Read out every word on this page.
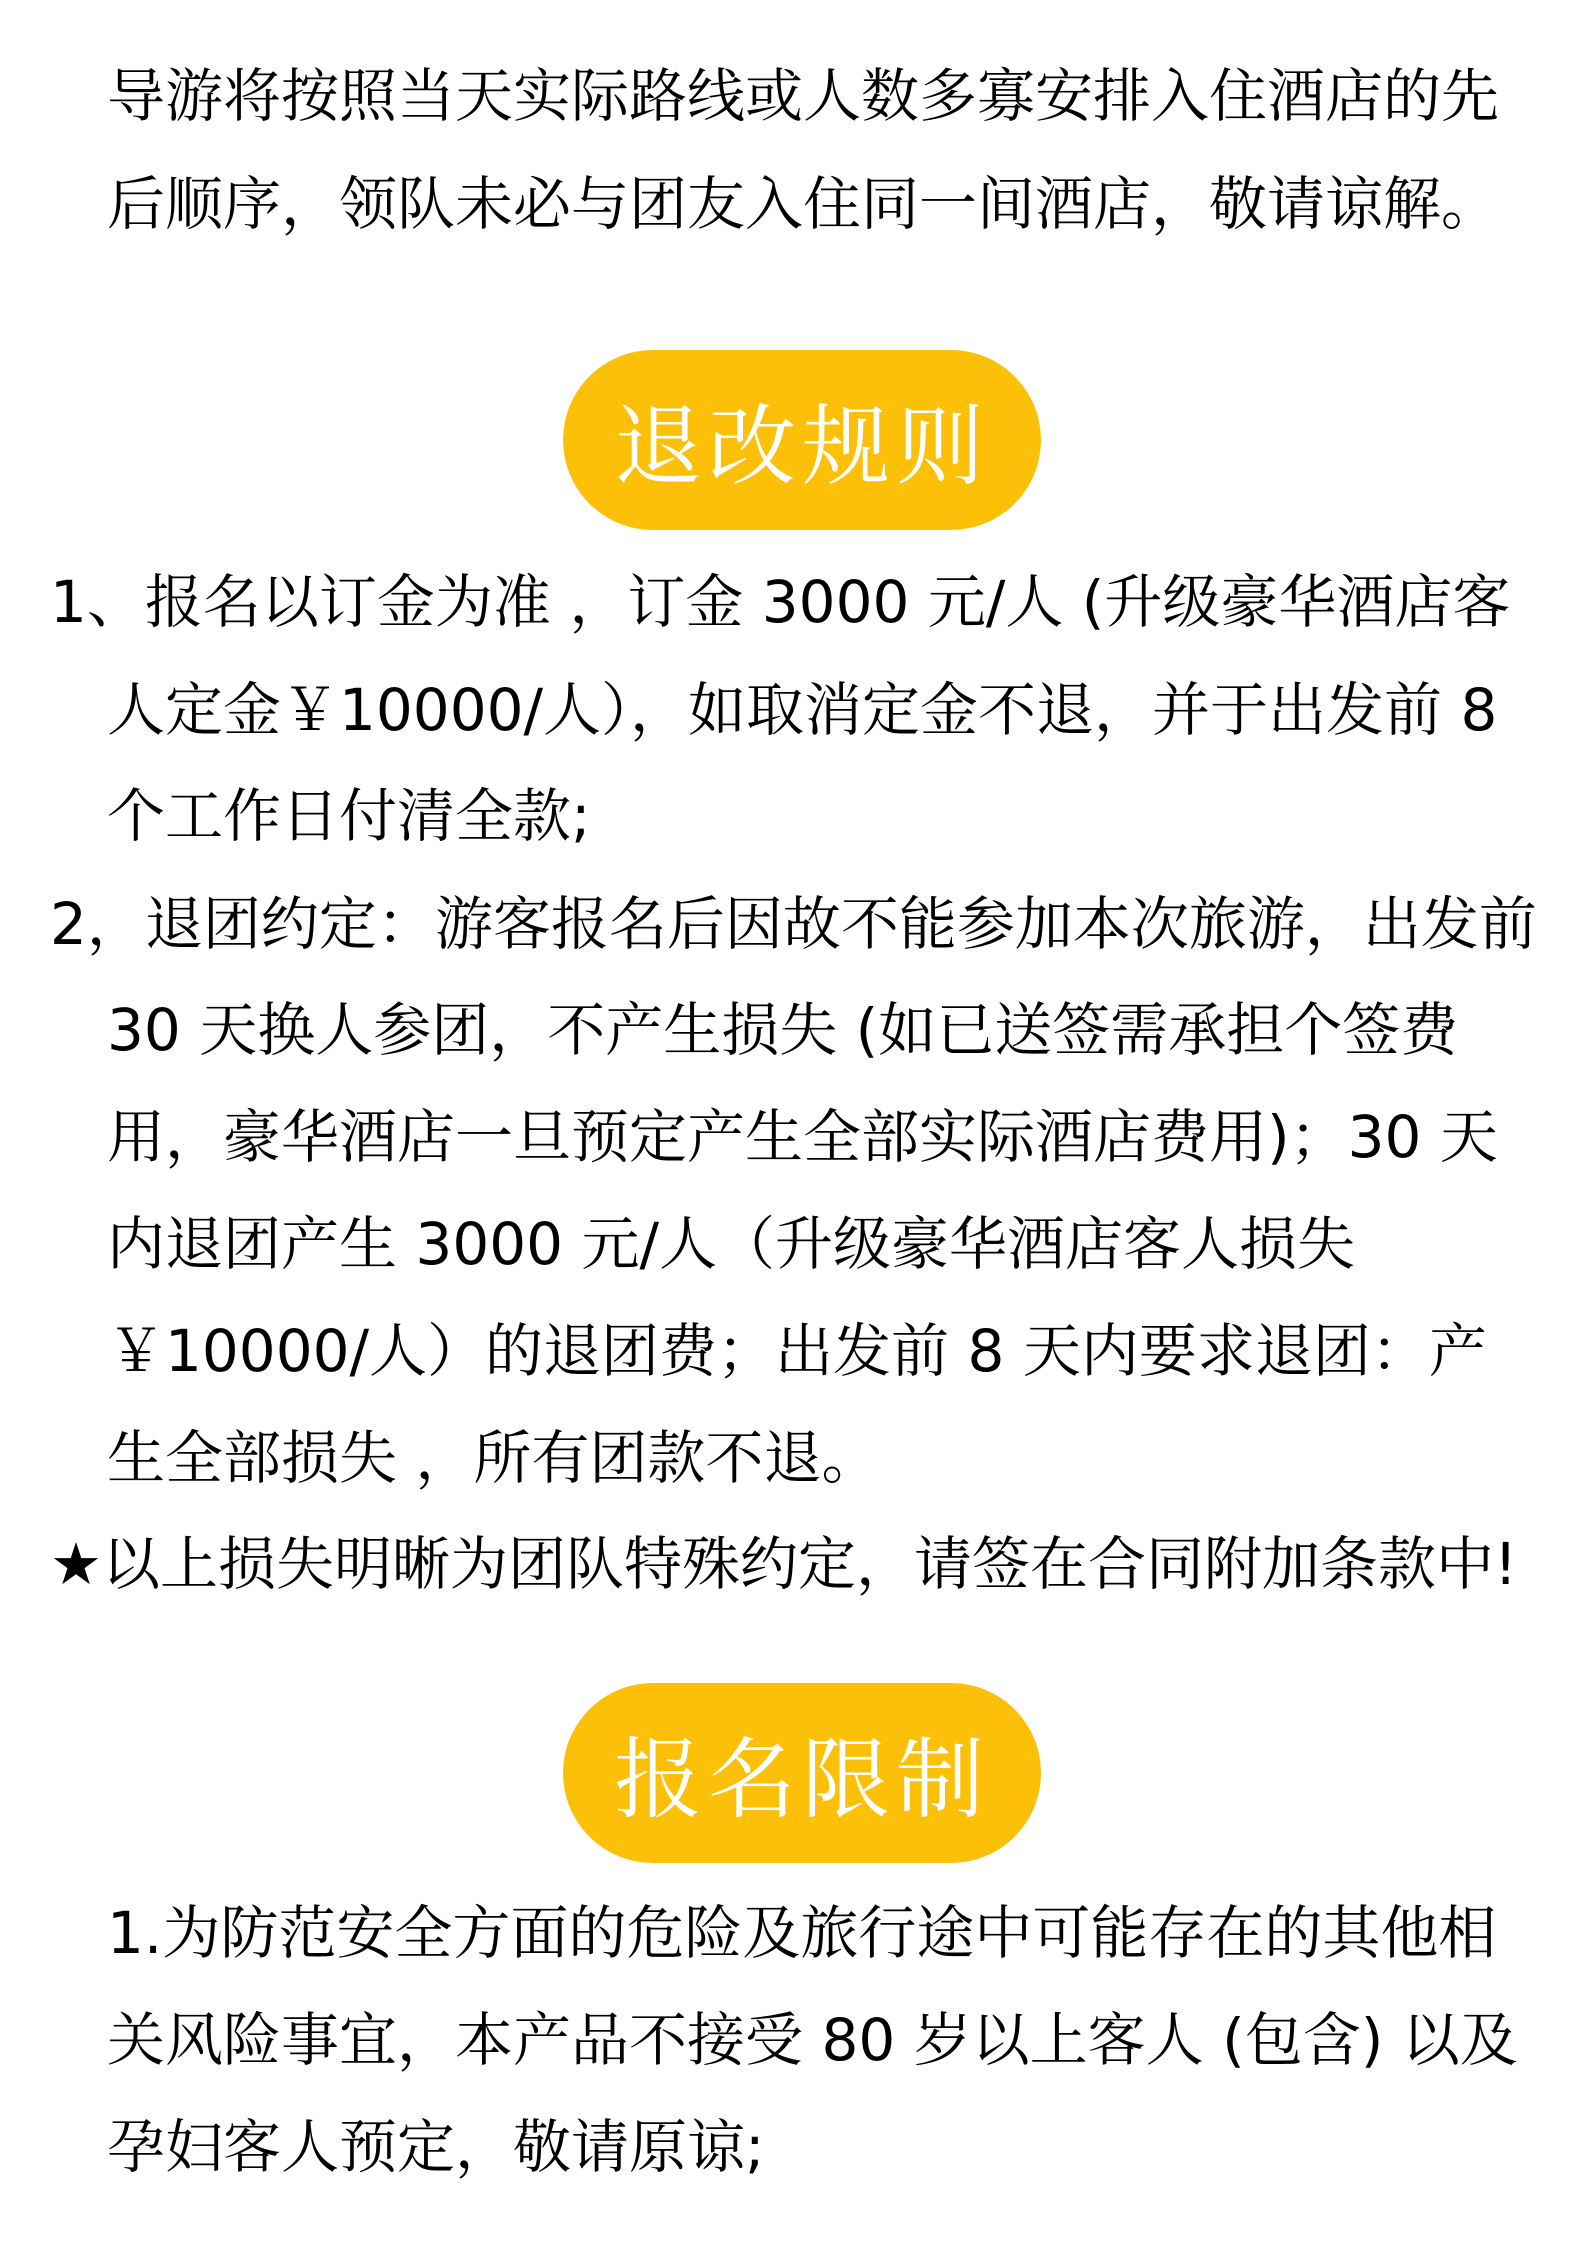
导游将按照当天实际路线或人数多寡安排入住酒店的先
后顺序，领队未必与团友入住同一间酒店，敬请谅解。
退改规则
1、报名以订金为准 ，订金 3000 元/人 (升级豪华酒店客
人定金￥10000/人），如取消定金不退，并于出发前 8
个工作日付清全款;
2，退团约定：游客报名后因故不能参加本次旅游，出发前
30 天换人参团，不产生损失 (如已送签需承担个签费
用，豪华酒店一旦预定产生全部实际酒店费用)；30 天
内退团产生 3000 元/人（升级豪华酒店客人损失
￥10000/人）的退团费；出发前 8 天内要求退团：产
生全部损失 ，所有团款不退。
★以上损失明晰为团队特殊约定，请签在合同附加条款中!
报名限制
1.为防范安全方面的危险及旅行途中可能存在的其他相
关风险事宜，本产品不接受 80 岁以上客人 (包含) 以及
孕妇客人预定，敬请原谅;
